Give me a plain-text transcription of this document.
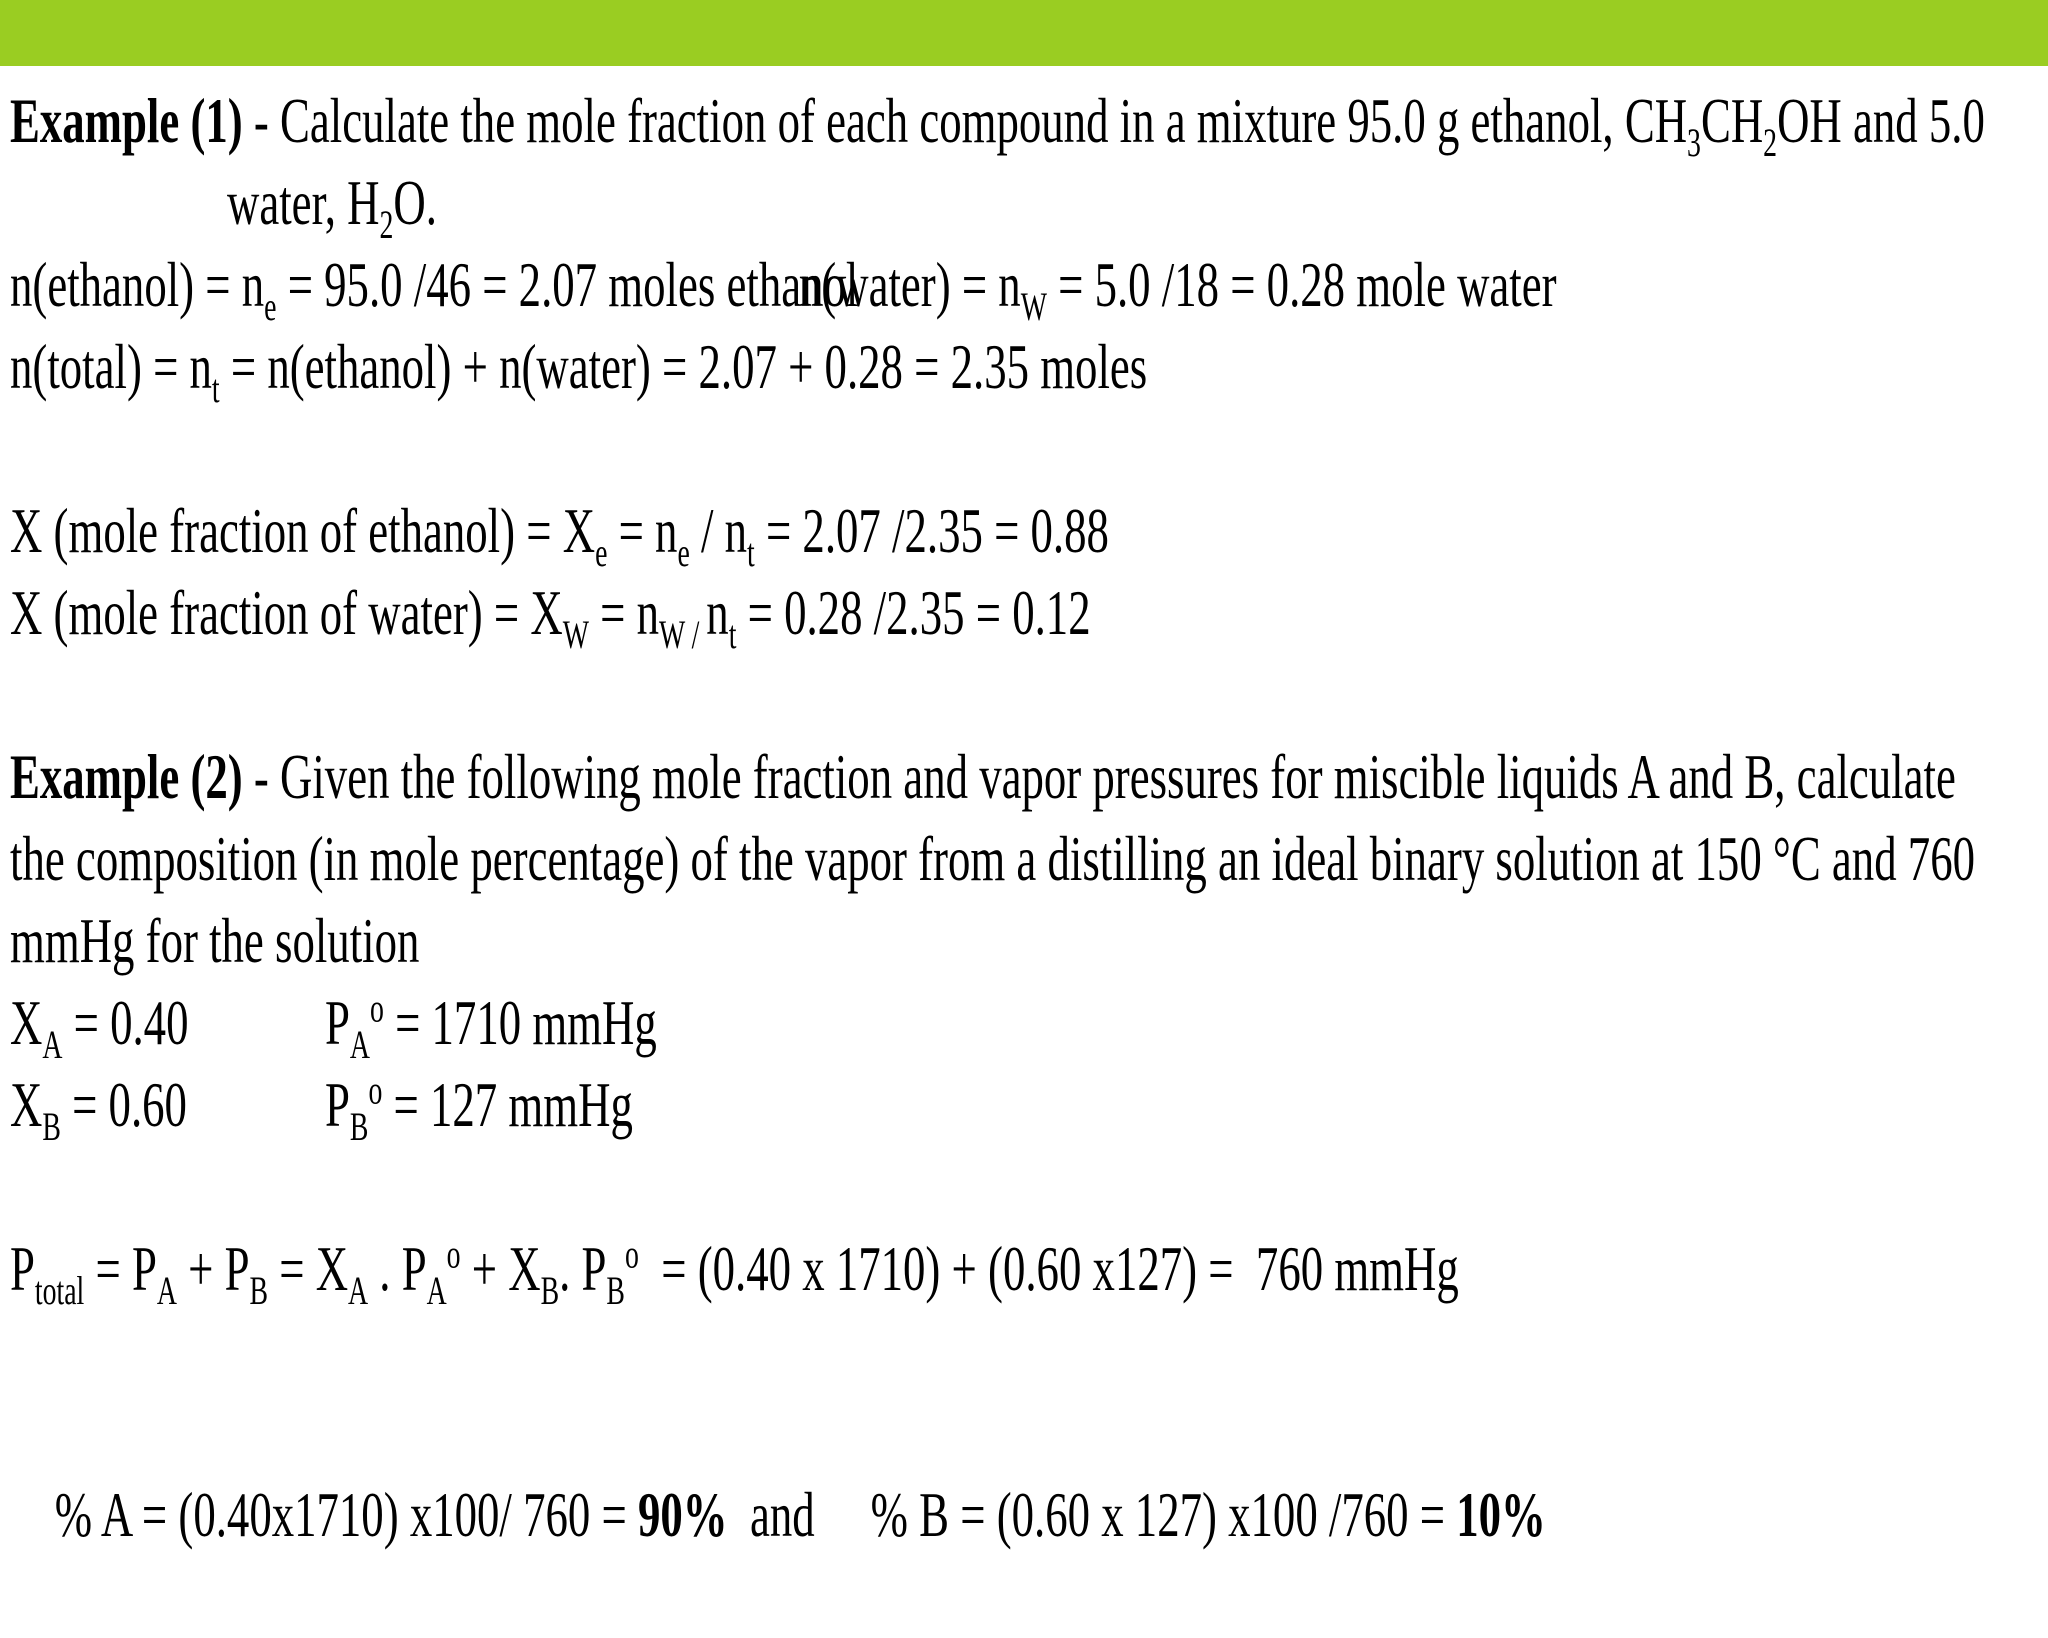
Example (1) - Calculate the mole fraction of each compound in a mixture 95.0 g ethanol, $CH_3CH_2OH$ and 5.0
water, $H_2O$.
n(ethanol) = $n_e = 95.0$ /46 = 2.07 moles ethanol
n(water) = $n_W = 5.0$ /18 = 0.28 mole water
n(total) = $n_t$ = n(ethanol) + n(water) = 2.07 + 0.28 = 2.35 moles
X (mole fraction of ethanol) = $X_e = n_e / n_t = 2.07$ /2.35 = 0.88
X (mole fraction of water) = $X_W = n_{W /}$ $n_t = 0.28$ /2.35 = 0.12
Example (2) - Given the following mole fraction and vapor pressures for miscible liquids A and B, calculate
the composition (in mole percentage) of the vapor from a distilling an ideal binary solution at 150 °C and 760
mmHg for the solution
$X_A = 0.40$ $P_A^o = 1710$ mmHg
$X_B = 0.60$ $P_B^o = 127$ mmHg
$P_{total} = P_A + P_B = X_A$ . $P_A^o + X_B$. $P_B^o = (0.40$ x 1710) + (0.60 x127) =  760 mmHg

% A = (0.40x1710) x100/ 760 = 90%  and     % B = (0.60 x 127) x100 /760 = 10%
